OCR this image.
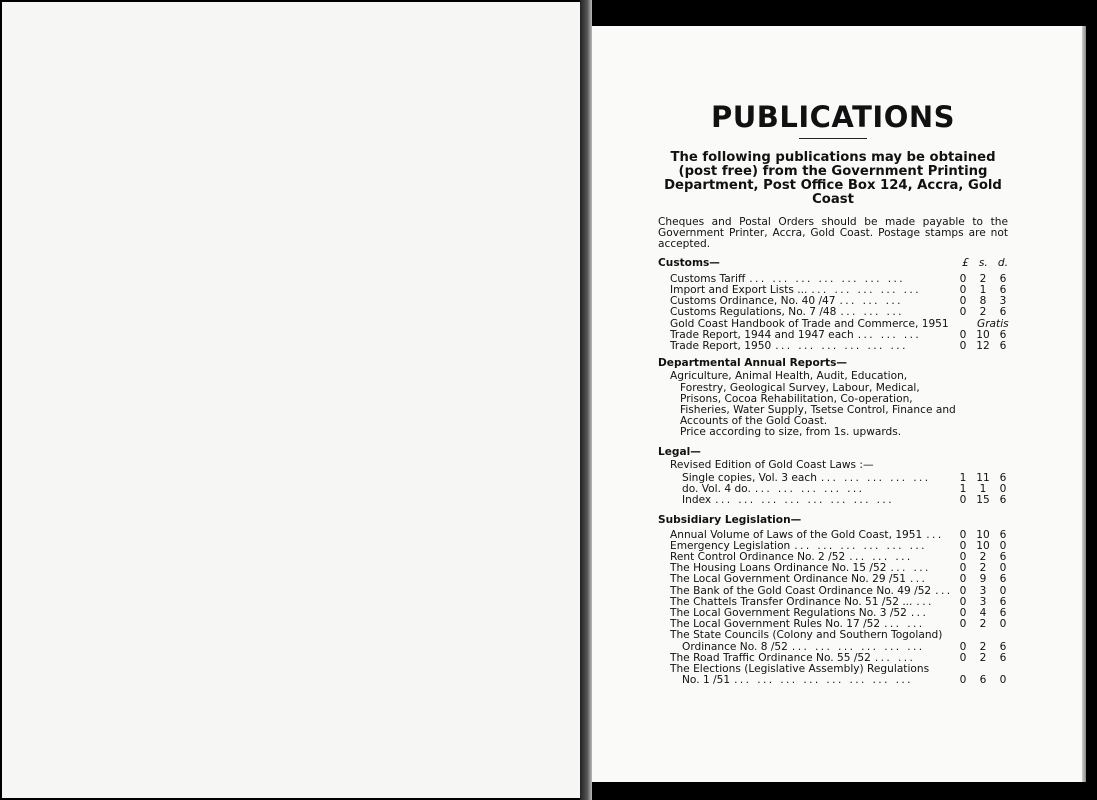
PUBLICATIONS
The following publications may be obtained (post free) from the Government Printing Department, Post Office Box 124, Accra, Gold Coast
Cheques and Postal Orders should be made payable to the Government Printer, Accra, Gold Coast. Postage stamps are not accepted.
Customs—	£ s. d.
Customs Tariff ... ... ... ... ... ... ...	0 2 6
Import and Export Lists ... ... ... ... ... ...	0 1 6
Customs Ordinance, No. 40 /47 ... ... ...	0 8 3
Customs Regulations, No. 7 /48 ... ... ...	0 2 6
Gold Coast Handbook of Trade and Commerce, 1951	Gratis
Trade Report, 1944 and 1947 each ... ... ...	0 10 6
Trade Report, 1950 ... ... ... ... ... ...	0 12 6
Departmental Annual Reports—
Agriculture, Animal Health, Audit, Education,
Forestry, Geological Survey, Labour, Medical,
Prisons, Cocoa Rehabilitation, Co-operation,
Fisheries, Water Supply, Tsetse Control, Finance and
Accounts of the Gold Coast.
Price according to size, from 1s. upwards.
Legal—
Revised Edition of Gold Coast Laws :—
Single copies, Vol. 3 each ... ... ... ... ...	1 11 6
do. Vol. 4 do. ... ... ... ... ...	1 1 0
Index ... ... ... ... ... ... ... ...	0 15 6
Subsidiary Legislation—
Annual Volume of Laws of the Gold Coast, 1951 ...	0 10 6
Emergency Legislation ... ... ... ... ... ...	0 10 0
Rent Control Ordinance No. 2 /52 ... ... ...	0 2 6
The Housing Loans Ordinance No. 15 /52 ... ...	0 2 0
The Local Government Ordinance No. 29 /51 ...	0 9 6
The Bank of the Gold Coast Ordinance No. 49 /52 ... 0 3 0
The Chattels Transfer Ordinance No. 51 /52 ... ...	0 3 6
The Local Government Regulations No. 3 /52 ...	0 4 6
The Local Government Rules No. 17 /52 ... ...	0 2 0
The State Councils (Colony and Southern Togoland)
Ordinance No. 8 /52 ... ... ... ... ... ...	0 2 6
The Road Traffic Ordinance No. 55 /52 ... ...	0 2 6
The Elections (Legislative Assembly) Regulations
No. 1 /51 ... ... ... ... ... ... ... ...	0 6 0
